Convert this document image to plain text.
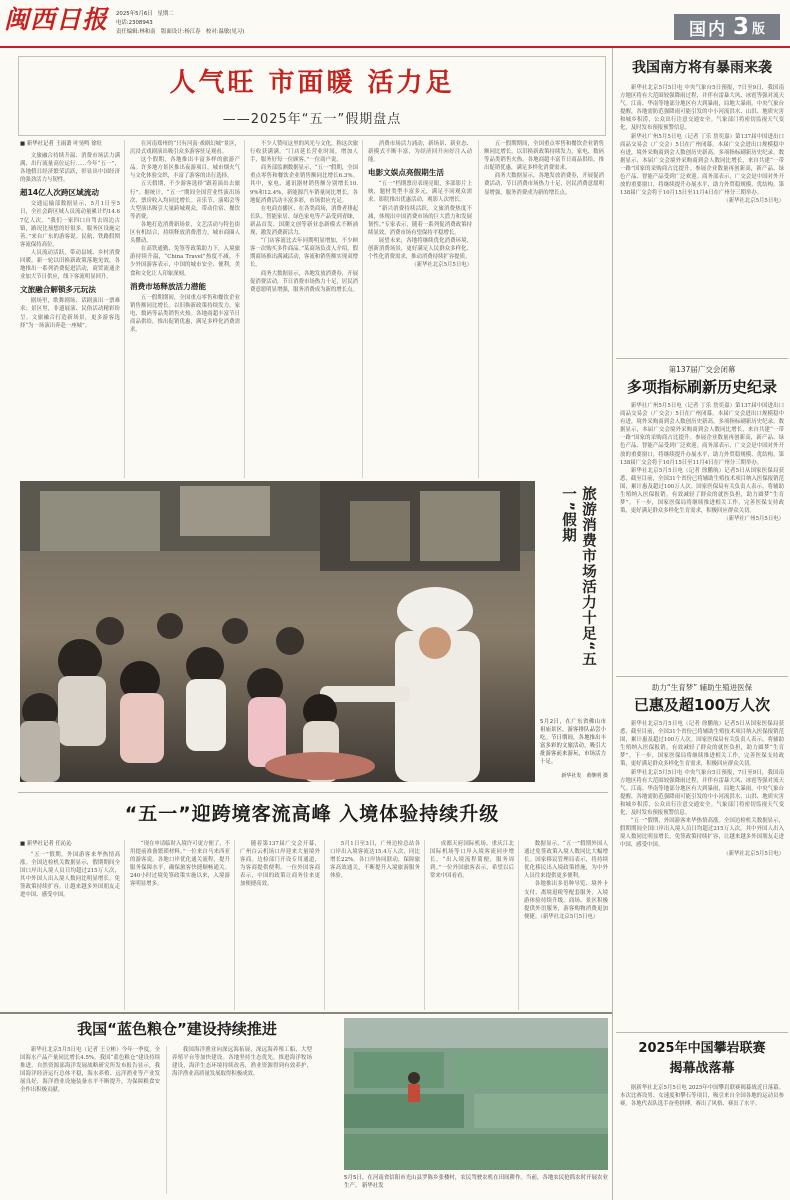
闽西日报 2025年5月6日 星期二
电话:2308943
责任编辑:林和南　版面设计:杨江春　校对:温敏(见习)	国内 3 版
人气旺 市面暖 活力足
——2025年“五一”假期盘点
■ 新华社记者 王雨萧 叶昊鸣 徐壮
文旅融合持续升温、消费市场活力满满、出行流量高位运行……今年“五一”，各地假日经济繁荣活跃，彰显出中国经济的强劲活力与韧性。
超14亿人次跨区域流动
交通运输部数据显示，5月1日至5日，全社会跨区域人员流动量累计约14.67亿人次。“我们一家四口自驾去周边古镇，路况比预想的好很多，服务区设施完善。”来自广东的游客说。民航、铁路假期客流保持高位。
人员流动活跃，带动县域、乡村消费回暖。新一轮以旧换新政策落地见效，各地推出一系列消费促进活动，商贸流通企业加大节日供应，线下客流明显回升。
文旅融合解锁多元玩法
剧场里，歌舞剧场、话剧演出一票难求；景区里，非遗展演、民俗活动精彩纷呈。文旅融合打造新场景，更多游客选择“为一场演出奔赴一座城”。
在河南郑州的“只有河南·戏剧幻城”景区，沉浸式戏剧演出吸引众多游客驻足观看。
这个假期，各地推出丰富多样的旅游产品。许多地方景区推出夜游项目，城市烟火气与文化体验交织，丰富了游客的出行选择。
五天假期，不少游客选择“跟着演出去旅行”。据统计，“五一”期间全国营业性演出场次、票房收入均同比增长。音乐节、演唱会等大型演出吸引大量跨城观众，带动住宿、餐饮等消费。
各地打造消费新场景，文艺活动与特色街区有机结合，持续释放消费潜力，城市商圈人头攒动。
在高铁通勤、免签等政策助力下，入境旅游持续升温，“China Travel”热度不减。不少外国游客表示，中国的城市安全、便利，美食和文化让人印象深刻。
消费市场释放活力潜能
五一假期期间，全国重点零售和餐饮企业销售额同比增长。以旧换新政策持续发力，家电、数码等品类销售火热。各地商超丰富节日商品供给，推出促销优惠，满足多样化消费需求。
不少人赞叹这里的风光与文化，称这次旅行收获满满。“门店延长营业时间，增加人手，服务好每一位顾客。”一位商户说。
商务部监测数据显示，“五一”假期，全国重点零售和餐饮企业销售额同比增长6.3%。其中，家电、通讯器材销售额分别增长10.9%和12.4%，新能源汽车销量同比增长。各地促消费活动丰富多彩，市场供应充足。
在电商直播区、在各类商场，消费者排起长队。智能家居、绿色家电等产品受到青睐，新品首发、国潮文创等新业态新模式不断涌现，激发消费新活力。
“门店客流比去年同期明显增加，不少顾客一次购买多件商品。”某商场负责人介绍，假期商场推出满减活动，客流和销售额实现双增长。
商务大数据显示，各地发放消费券，开展促消费活动，节日消费市场热力十足，居民消费意愿明显增强，服务消费成为新的增长点。
消费市场活力涌动，新场景、新业态、新模式不断丰富，为经济回升向好注入动能。
电影文娱点亮假期生活
“五一”档期票房表现亮眼，多部影片上映，题材类型丰富多元，满足不同观众需求。影院推出优惠活动，观影人次增长。
“新兴消费持续活跃，文旅消费热度不减，体现出中国消费市场的巨大潜力和发展韧性。”专家表示，随着一系列促消费政策持续显效，消费市场有望保持平稳增长。
展望未来，各地将继续优化消费环境，创新消费场景，更好满足人民群众多样化、个性化消费需求，推动消费持续扩容提质。
（新华社北京5月5日电）
五一假期期间，全国重点零售和餐饮企业销售额同比增长。以旧换新政策持续发力，家电、数码等品类销售火热。各地商超丰富节日商品供给，推出促销优惠，满足多样化消费需求。
商务大数据显示，各地发放消费券，开展促消费活动，节日消费市场热力十足，居民消费意愿明显增强，服务消费成为新的增长点。
旅游消费市场活力十足“五一”假期
5月2日，在广东省佛山市祖庙景区，游客排队品尝小吃。节日期间，各地推出丰富多彩的文旅活动，吸引大批游客前来游玩，市场活力十足。
新华社发　黄继明 摄
“五一”迎跨境客流高峰 入境体验持续升级
■ 新华社记者 任沁沁
“五一”假期，外国游客来华热情高涨。全国边检机关数据显示，假期期间全国口岸出入境人员日均超过215万人次，其中外国人出入境人数同比明显增长。免签政策持续扩容，让越来越多外国朋友走进中国、感受中国。
“现在申请临时入境许可更方便了，不用提前准备繁琐材料。”一位来自马来西亚的游客说。各地口岸优化通关流程，提升服务保障水平，确保旅客快捷顺畅通关。240小时过境免签政策实施以来，入境游客明显增多。
随着第137届广交会开幕，广州白云机场口岸迎来大量境外客商。边检部门开设专用通道，为客商提供便利。一位外国客商表示，中国的政策让商务往来更加便捷高效。
5月1日至3日，广州边检总站各口岸出入境客流达15.4万人次，同比增长22%。各口岸协同联动，保障旅客高效通关，不断提升入境旅游服务体验。
成都天府国际机场、重庆江北国际机场等口岸入境客流同步增长。“出入境流程简便，服务周到。”一位外国旅客表示，希望以后常来中国看看。
数据显示，“五一”假期外国人通过免签政策入境人数同比大幅增长。国家移民管理局表示，将持续优化移民出入境政策措施，为中外人员往来提供更多便利。
各地推出多语种导览、境外卡支付、离境退税等配套服务，入境游体验持续升级。商场、景区积极提供外语服务，游客购物消费更加便捷。（新华社北京5月5日电）
我国“蓝色粮仓”建设持续推进
新华社北京5月5日电（记者 王立彬）今年一季度，全国海水产品产量同比增长4.5%，我国“蓝色粮仓”建设持续推进。自然资源部海洋发展战略研究所发布报告显示，我国海洋经济运行总体平稳，海水养殖、远洋渔业等产业发展良好，海洋渔业设施装备水平不断提升，为保障粮食安全作出积极贡献。
我国海洋渔业向深远海拓展，深远海养殖工船、大型养殖平台等加快建设。各地坚持生态优先，推进海洋牧场建设，海洋生态环境持续改善，渔业资源得到有效养护，海洋渔业高质量发展取得积极成效。
5月5日，在河南省信阳市光山县罗陈乡张楼村，农民驾驶农机在田间耕作。当前，各地农民抢抓农时开展农业生产。 新华社发
我国南方将有暴雨来袭
新华社北京5月5日电 中央气象台5日预报，7日至9日，我国南方地区将有大范围较强降雨过程，并伴有雷暴大风、冰雹等强对流天气。江南、华南等地部分地区有大到暴雨，局地大暴雨。中央气象台提醒，各地需防范强降雨可能引发的中小河流洪水、山洪、地质灾害和城乡积涝，公众出行注意交通安全。气象部门将密切监视天气变化，及时发布预报预警信息。
新华社广州5月5日电（记者 丁乐 詹奕嘉）第137届中国进出口商品交易会（广交会）5日在广州闭幕。本届广交会进出口规模稳中有进，境外采购商到会人数创历史新高，多项指标刷新历史纪录。数据显示，本届广交会境外采购商到会人数同比增长，来自共建“一带一路”国家的采购商占比提升。参展企业数量再创新高，新产品、绿色产品、智能产品受到广泛欢迎。商务部表示，广交会是中国对外开放的重要窗口，将继续提升办展水平，助力外贸稳规模、优结构。第138届广交会将于10月15日至11月4日在广州分三期举办。
（新华社北京5月5日电）
第137届广交会闭幕
多项指标刷新历史纪录
新华社广州5月5日电（记者 丁乐 詹奕嘉）第137届中国进出口商品交易会（广交会）5日在广州闭幕。本届广交会进出口规模稳中有进，境外采购商到会人数创历史新高，多项指标刷新历史纪录。数据显示，本届广交会境外采购商到会人数同比增长，来自共建“一带一路”国家的采购商占比提升。参展企业数量再创新高，新产品、绿色产品、智能产品受到广泛欢迎。商务部表示，广交会是中国对外开放的重要窗口，将继续提升办展水平，助力外贸稳规模、优结构。第138届广交会将于10月15日至11月4日在广州分三期举办。
新华社北京5月5日电（记者 徐鹏航）记者5日从国家医保局获悉，截至目前，全国31个省份已将辅助生殖技术项目纳入医保报销范围，累计惠及超过100万人次。国家医保局有关负责人表示，将辅助生殖纳入医保报销，有效减轻了群众的就医负担，助力圆梦“生育梦”。下一步，国家医保局将继续推进相关工作，完善医保支持政策，更好满足群众多样化生育需求，积极回应群众关切。
（新华社广州5月5日电）
助力“生育梦” 辅助生殖进医保
已惠及超100万人次
新华社北京5月5日电（记者 徐鹏航）记者5日从国家医保局获悉，截至目前，全国31个省份已将辅助生殖技术项目纳入医保报销范围，累计惠及超过100万人次。国家医保局有关负责人表示，将辅助生殖纳入医保报销，有效减轻了群众的就医负担，助力圆梦“生育梦”。下一步，国家医保局将继续推进相关工作，完善医保支持政策，更好满足群众多样化生育需求，积极回应群众关切。
新华社北京5月5日电 中央气象台5日预报，7日至9日，我国南方地区将有大范围较强降雨过程，并伴有雷暴大风、冰雹等强对流天气。江南、华南等地部分地区有大到暴雨，局地大暴雨。中央气象台提醒，各地需防范强降雨可能引发的中小河流洪水、山洪、地质灾害和城乡积涝，公众出行注意交通安全。气象部门将密切监视天气变化，及时发布预报预警信息。
“五一”假期，外国游客来华热情高涨。全国边检机关数据显示，假期期间全国口岸出入境人员日均超过215万人次，其中外国人出入境人数同比明显增长。免签政策持续扩容，让越来越多外国朋友走进中国、感受中国。
（新华社北京5月5日电）
2025年中国攀岩联赛
揭幕战落幕
据新华社北京5月5日电 2025年中国攀岩联赛揭幕战近日落幕。本次比赛设男、女速度和攀石等项目，吸引来自全国各地的运动员参赛。各地代表队选手奋勇拼搏，赛出了风格、赛出了水平。
